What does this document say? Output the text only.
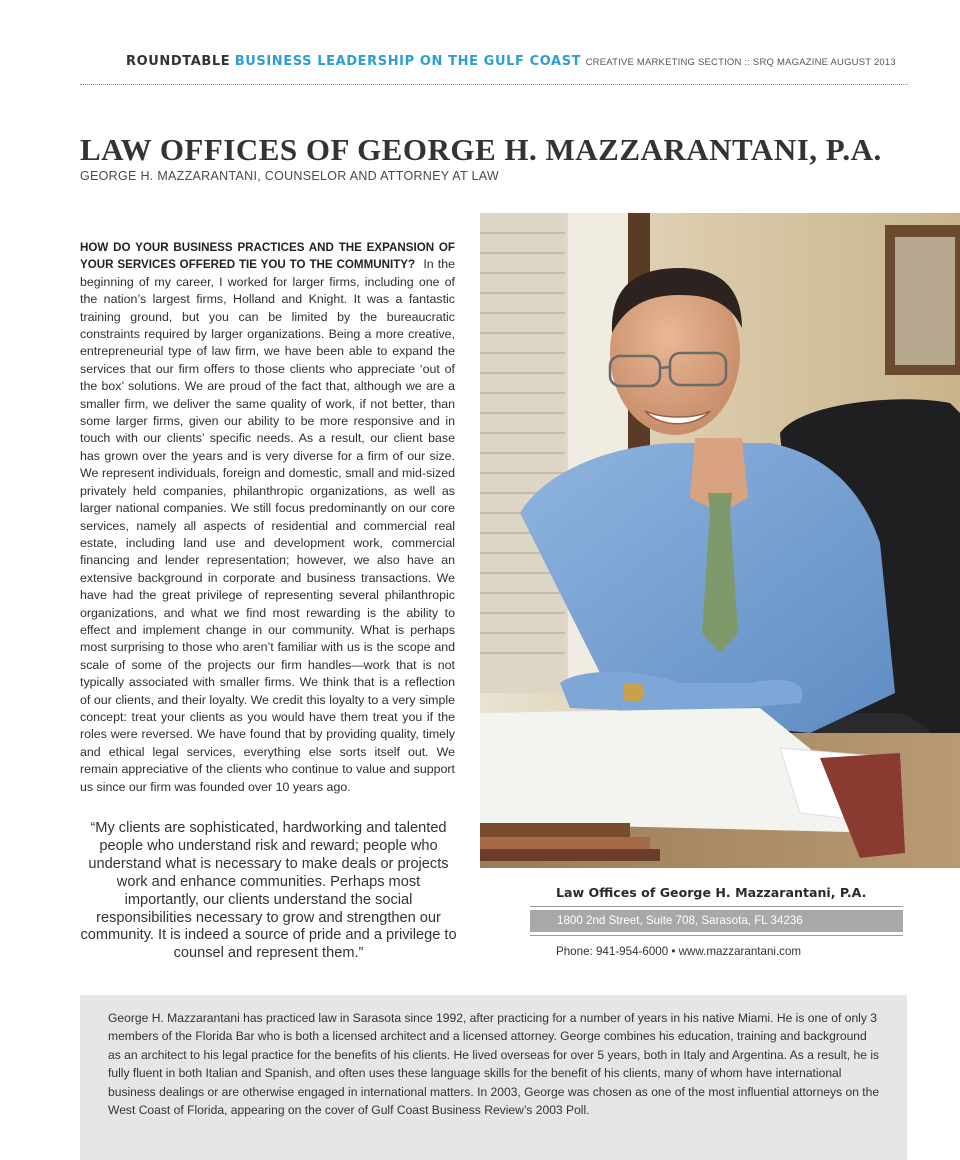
ROUNDTABLE BUSINESS LEADERSHIP ON THE GULF COAST CREATIVE MARKETING SECTION :: SRQ MAGAZINE AUGUST 2013
LAW OFFICES OF GEORGE H. MAZZARANTANI, P.A.
GEORGE H. MAZZARANTANI, COUNSELOR AND ATTORNEY AT LAW
HOW DO YOUR BUSINESS PRACTICES AND THE EXPANSION OF YOUR SERVICES OFFERED TIE YOU TO THE COMMUNITY? In the beginning of my career, I worked for larger firms, including one of the nation’s largest firms, Holland and Knight. It was a fantastic training ground, but you can be limited by the bureaucratic constraints required by larger organizations. Being a more creative, entrepreneurial type of law firm, we have been able to expand the services that our firm offers to those clients who appreciate ‘out of the box’ solutions. We are proud of the fact that, although we are a smaller firm, we deliver the same quality of work, if not better, than some larger firms, given our ability to be more responsive and in touch with our clients’ specific needs. As a result, our client base has grown over the years and is very diverse for a firm of our size. We represent individuals, foreign and domestic, small and mid-sized privately held companies, philanthropic organizations, as well as larger national companies. We still focus predominantly on our core services, namely all aspects of residential and commercial real estate, including land use and development work, commercial financing and lender representation; however, we also have an extensive background in corporate and business transactions. We have had the great privilege of representing several philanthropic organizations, and what we find most rewarding is the ability to effect and implement change in our community. What is perhaps most surprising to those who aren’t familiar with us is the scope and scale of some of the projects our firm handles—work that is not typically associated with smaller firms. We think that is a reflection of our clients, and their loyalty. We credit this loyalty to a very simple concept: treat your clients as you would have them treat you if the roles were reversed. We have found that by providing quality, timely and ethical legal services, everything else sorts itself out. We remain appreciative of the clients who continue to value and support us since our firm was founded over 10 years ago.
“My clients are sophisticated, hardworking and talented people who understand risk and reward; people who understand what is necessary to make deals or projects work and enhance communities. Perhaps most importantly, our clients understand the social responsibilities necessary to grow and strengthen our community. It is indeed a source of pride and a privilege to counsel and represent them.”
Law Offices of George H. Mazzarantani, P.A.
1800 2nd Street, Suite 708, Sarasota, FL 34236
Phone: 941-954-6000 • www.mazzarantani.com

George H. Mazzarantani has practiced law in Sarasota since 1992, after practicing for a number of years in his native Miami. He is one of only 3 members of the Florida Bar who is both a licensed architect and a licensed attorney. George combines his education, training and background as an architect to his legal practice for the benefits of his clients. He lived overseas for over 5 years, both in Italy and Argentina. As a result, he is fully fluent in both Italian and Spanish, and often uses these language skills for the benefit of his clients, many of whom have international business dealings or are otherwise engaged in international matters. In 2003, George was chosen as one of the most influential attorneys on the West Coast of Florida, appearing on the cover of Gulf Coast Business Review’s 2003 Poll.
